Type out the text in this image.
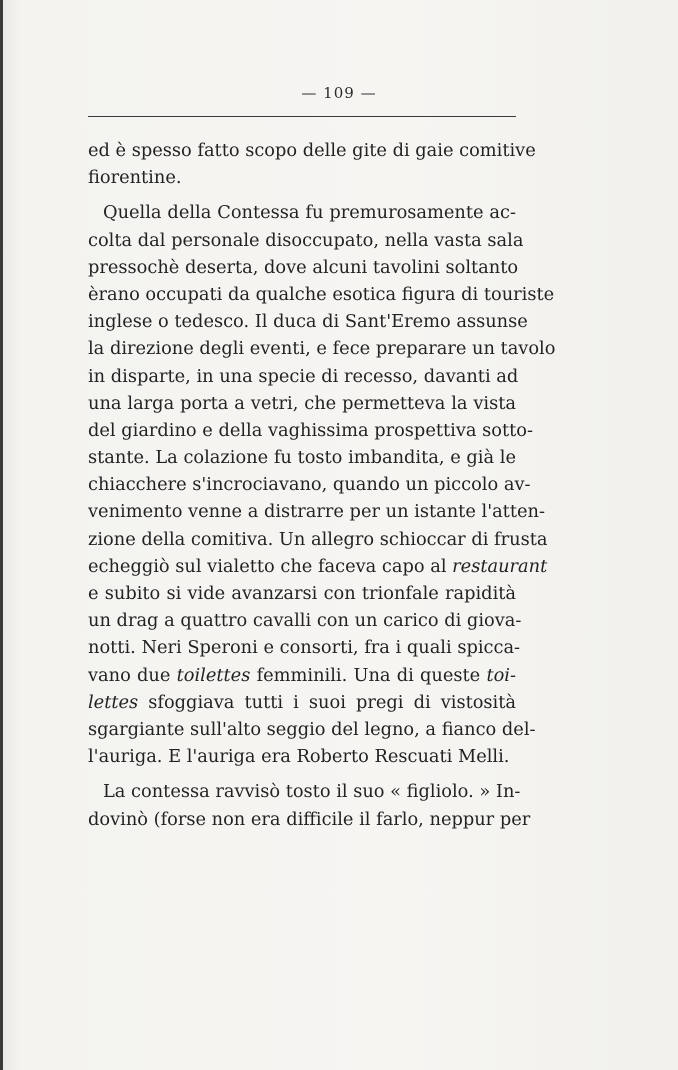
— 109 —
ed è spesso fatto scopo delle gite di gaie comitive
fiorentine.
Quella della Contessa fu premurosamente ac-
colta dal personale disoccupato, nella vasta sala
pressochè deserta, dove alcuni tavolini soltanto
èrano occupati da qualche esotica figura di touriste
inglese o tedesco. Il duca di Sant'Eremo assunse
la direzione degli eventi, e fece preparare un tavolo
in disparte, in una specie di recesso, davanti ad
una larga porta a vetri, che permetteva la vista
del giardino e della vaghissima prospettiva sotto-
stante. La colazione fu tosto imbandita, e già le
chiacchere s'incrociavano, quando un piccolo av-
venimento venne a distrarre per un istante l'atten-
zione della comitiva. Un allegro schioccar di frusta
echeggiò sul vialetto che faceva capo al restaurant
e subito si vide avanzarsi con trionfale rapidità
un drag a quattro cavalli con un carico di giova-
notti. Neri Speroni e consorti, fra i quali spicca-
vano due toilettes femminili. Una di queste toi-
lettes sfoggiava tutti i suoi pregi di vistosità
sgargiante sull'alto seggio del legno, a fianco del-
l'auriga. E l'auriga era Roberto Rescuati Melli.
La contessa ravvisò tosto il suo « figliolo. » In-
dovinò (forse non era difficile il farlo, neppur per
